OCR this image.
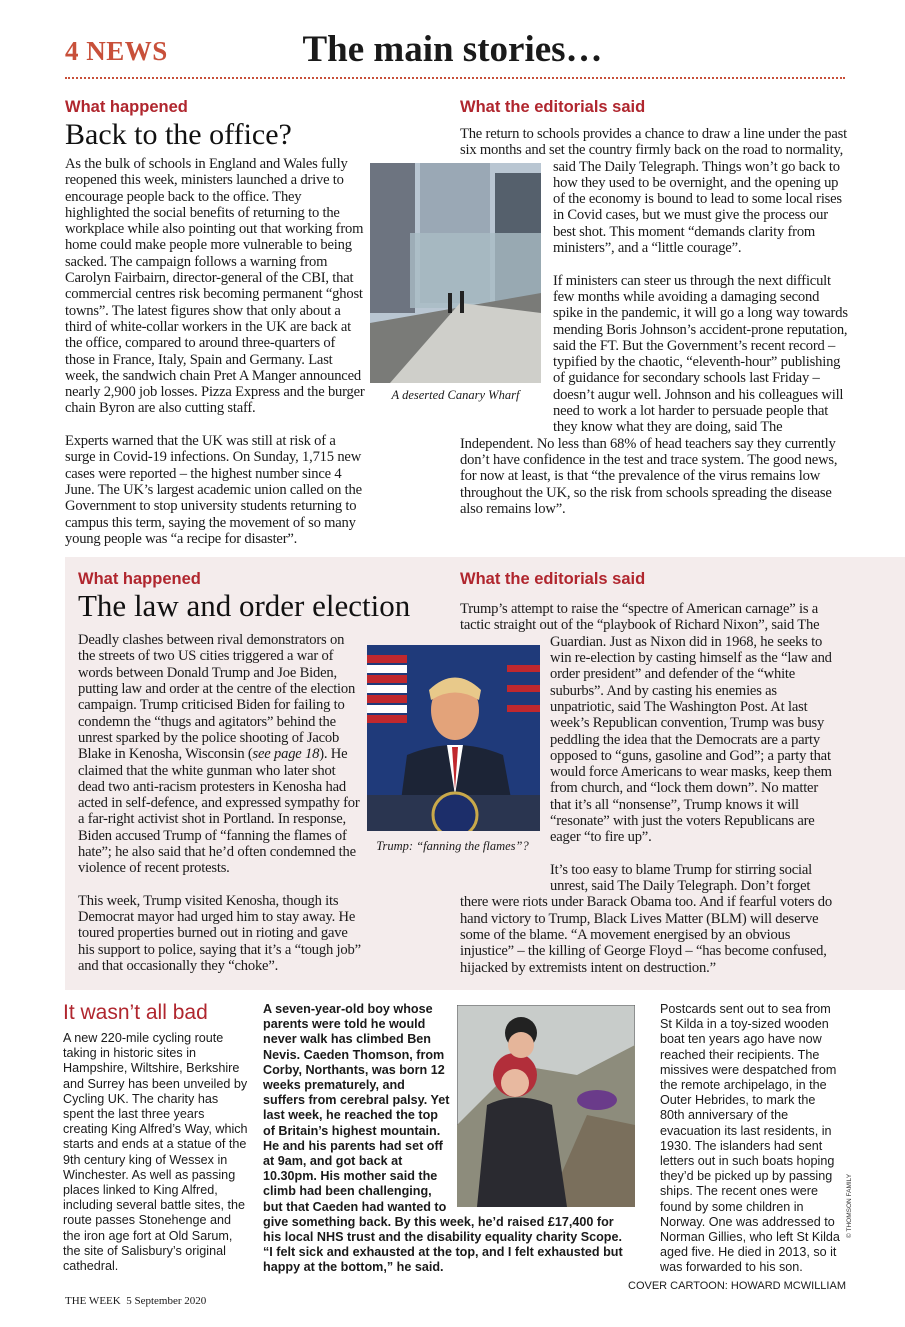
4 NEWS	The main stories…
What happened
Back to the office?

As the bulk of schools in England and Wales fully reopened this week, ministers launched a drive to encourage people back to the office. They highlighted the social benefits of returning to the workplace while also pointing out that working from home could make people more vulnerable to being sacked. The campaign follows a warning from Carolyn Fairbairn, director-general of the CBI, that commercial centres risk becoming permanent “ghost towns”. The latest figures show that only about a third of white-collar workers in the UK are back at the office, compared to around three-quarters of those in France, Italy, Spain and Germany. Last week, the sandwich chain Pret A Manger announced nearly 2,900 job losses. Pizza Express and the burger chain Byron are also cutting staff.

Experts warned that the UK was still at risk of a surge in Covid-19 infections. On Sunday, 1,715 new cases were reported – the highest number since 4 June. The UK’s largest academic union called on the Government to stop university students returning to campus this term, saying the movement of so many young people was “a recipe for disaster”.

What the editorials said

The return to schools provides a chance to draw a line under the past six months and set the country firmly back on the road to normality, said The Daily Telegraph. Things won’t go back to how they used to be overnight, and the opening up of the economy is bound to lead to some local rises in Covid cases, but we must give the process our best shot. This moment “demands clarity from ministers”, and a “little courage”.

If ministers can steer us through the next difficult few months while avoiding a damaging second spike in the pandemic, it will go a long way towards mending Boris Johnson’s accident-prone reputation, said the FT. But the Government’s recent record – typified by the chaotic, “eleventh-hour” publishing of guidance for secondary schools last Friday – doesn’t augur well. Johnson and his colleagues will need to work a lot harder to persuade people that they know what they are doing, said The Independent. No less than 68% of head teachers say they currently don’t have confidence in the test and trace system. The good news, for now at least, is that “the prevalence of the virus remains low throughout the UK, so the risk from schools spreading the disease also remains low”.

A deserted Canary Wharf
What happened
The law and order election

Deadly clashes between rival demonstrators on the streets of two US cities triggered a war of words between Donald Trump and Joe Biden, putting law and order at the centre of the election campaign. Trump criticised Biden for failing to condemn the “thugs and agitators” behind the unrest sparked by the police shooting of Jacob Blake in Kenosha, Wisconsin (see page 18). He claimed that the white gunman who later shot dead two anti-racism protesters in Kenosha had acted in self-defence, and expressed sympathy for a far-right activist shot in Portland. In response, Biden accused Trump of “fanning the flames of hate”; he also said that he’d often condemned the violence of recent protests.

This week, Trump visited Kenosha, though its Democrat mayor had urged him to stay away. He toured properties burned out in rioting and gave his support to police, saying that it’s a “tough job” and that occasionally they “choke”.

What the editorials said

Trump’s attempt to raise the “spectre of American carnage” is a tactic straight out of the “playbook of Richard Nixon”, said The Guardian. Just as Nixon did in 1968, he seeks to win re-election by casting himself as the “law and order president” and defender of the “white suburbs”. And by casting his enemies as unpatriotic, said The Washington Post. At last week’s Republican convention, Trump was busy peddling the idea that the Democrats are a party opposed to “guns, gasoline and God”; a party that would force Americans to wear masks, keep them from church, and “lock them down”. No matter that it’s all “nonsense”, Trump knows it will “resonate” with just the voters Republicans are eager “to fire up”.

It’s too easy to blame Trump for stirring social unrest, said The Daily Telegraph. Don’t forget there were riots under Barack Obama too. And if fearful voters do hand victory to Trump, Black Lives Matter (BLM) will deserve some of the blame. “A movement energised by an obvious injustice” – the killing of George Floyd – “has become confused, hijacked by extremists intent on destruction.”

Trump: “fanning the flames”?
It wasn’t all bad
A new 220-mile cycling route taking in historic sites in Hampshire, Wiltshire, Berkshire and Surrey has been unveiled by Cycling UK. The charity has spent the last three years creating King Alfred’s Way, which starts and ends at a statue of the 9th century king of Wessex in Winchester. As well as passing places linked to King Alfred, including several battle sites, the route passes Stonehenge and the iron age fort at Old Sarum, the site of Salisbury’s original cathedral.
A seven-year-old boy whose parents were told he would never walk has climbed Ben Nevis. Caeden Thomson, from Corby, Northants, was born 12 weeks prematurely, and suffers from cerebral palsy. Yet last week, he reached the top of Britain’s highest mountain. He and his parents had set off at 9am, and got back at 10.30pm. His mother said the climb had been challenging, but that Caeden had wanted to give something back. By this week, he’d raised £17,400 for his local NHS trust and the disability equality charity Scope. “I felt sick and exhausted at the top, and I felt exhausted but happy at the bottom,” he said.
Postcards sent out to sea from St Kilda in a toy-sized wooden boat ten years ago have now reached their recipients. The missives were despatched from the remote archipelago, in the Outer Hebrides, to mark the 80th anniversary of the evacuation its last residents, in 1930. The islanders had sent letters out in such boats hoping they’d be picked up by passing ships. The recent ones were found by some children in Norway. One was addressed to Norman Gillies, who left St Kilda aged five. He died in 2013, so it was forwarded to his son.
© THOMSON FAMILY
COVER CARTOON: HOWARD MCWILLIAM
THE WEEK 5 September 2020
